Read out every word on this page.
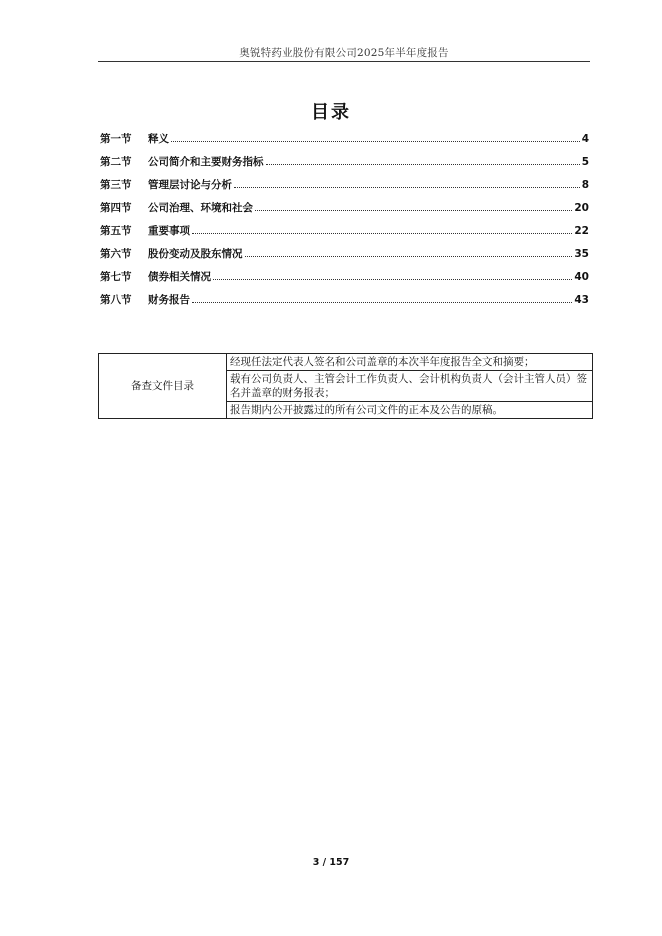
奥锐特药业股份有限公司2025年半年度报告
目录
第一节	释义	4
第二节	公司简介和主要财务指标	5
第三节	管理层讨论与分析	8
第四节	公司治理、环境和社会	20
第五节	重要事项	22
第六节	股份变动及股东情况	35
第七节	债券相关情况	40
第八节	财务报告	43
备查文件目录	经现任法定代表人签名和公司盖章的本次半年度报告全文和摘要；
载有公司负责人、主管会计工作负责人、会计机构负责人（会计主管人员）签名并盖章的财务报表；
报告期内公开披露过的所有公司文件的正本及公告的原稿。
3 / 157
